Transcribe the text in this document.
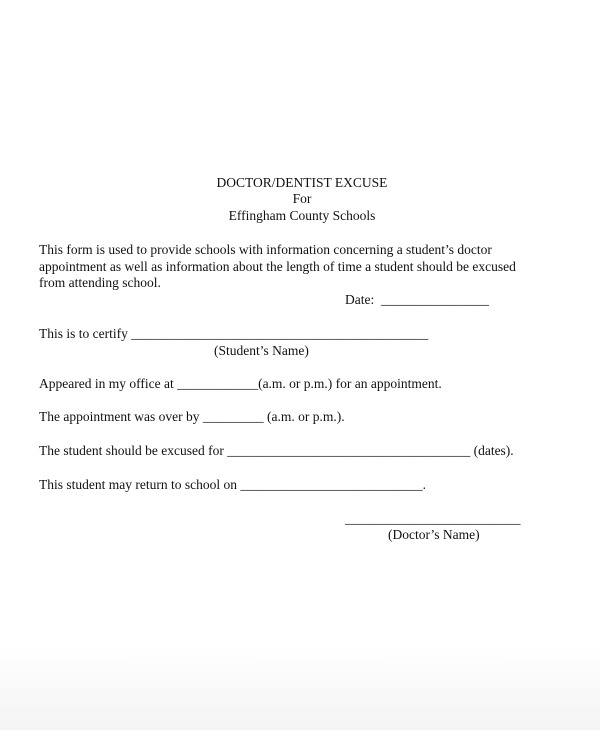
DOCTOR/DENTIST EXCUSE
For
Effingham County Schools
This form is used to provide schools with information concerning a student’s doctor
appointment as well as information about the length of time a student should be excused
from attending school.
Date:  ________________
This is to certify ____________________________________________
(Student’s Name)
Appeared in my office at ____________(a.m. or p.m.) for an appointment.
The appointment was over by _________ (a.m. or p.m.).
The student should be excused for ____________________________________ (dates).
This student may return to school on ___________________________.
__________________________
(Doctor’s Name)
